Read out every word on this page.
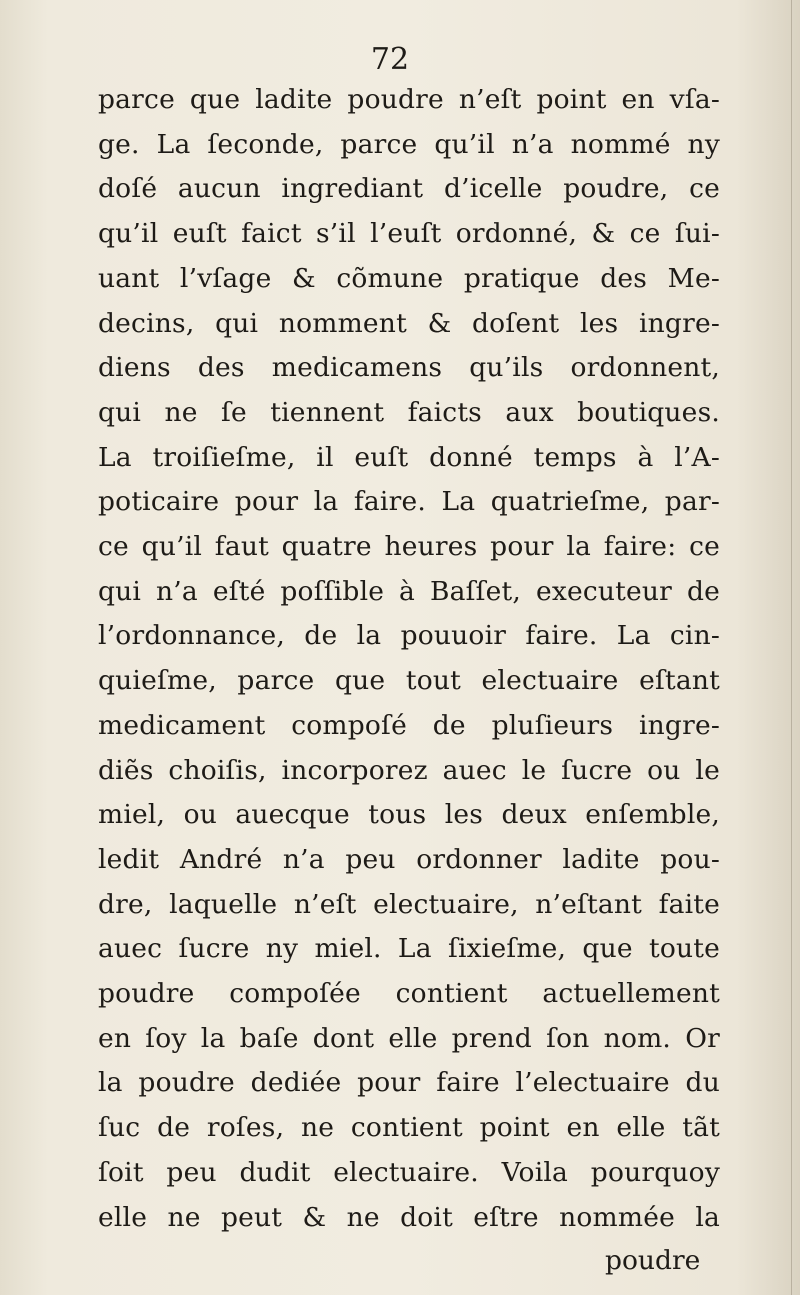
72
parce que ladite poudre n’eſt point en vſa-
ge. La ſeconde, parce qu’il n’a nommé ny
doſé aucun ingrediant d’icelle poudre, ce
qu’il euſt faict s’il l’euſt ordonné, & ce ſui-
uant l’vſage & cõmune pratique des Me-
decins, qui nomment & doſent les ingre-
diens des medicamens qu’ils ordonnent,
qui ne ſe tiennent faicts aux boutiques.
La troiſieſme, il euſt donné temps à l’A-
poticaire pour la faire. La quatrieſme, par-
ce qu’il faut quatre heures pour la faire: ce
qui n’a eſté poſſible à Baſſet, executeur de
l’ordonnance, de la pouuoir faire. La cin-
quieſme, parce que tout electuaire eſtant
medicament compoſé de pluſieurs ingre-
diẽs choiſis, incorporez auec le ſucre ou le
miel, ou auecque tous les deux enſemble,
ledit André n’a peu ordonner ladite pou-
dre, laquelle n’eſt electuaire, n’eſtant faite
auec ſucre ny miel. La ſixieſme, que toute
poudre compoſée contient actuellement
en ſoy la baſe dont elle prend ſon nom. Or
la poudre dediée pour faire l’electuaire du
ſuc de roſes, ne contient point en elle tãt
ſoit peu dudit electuaire. Voila pourquoy
elle ne peut & ne doit eſtre nommée la
poudre
